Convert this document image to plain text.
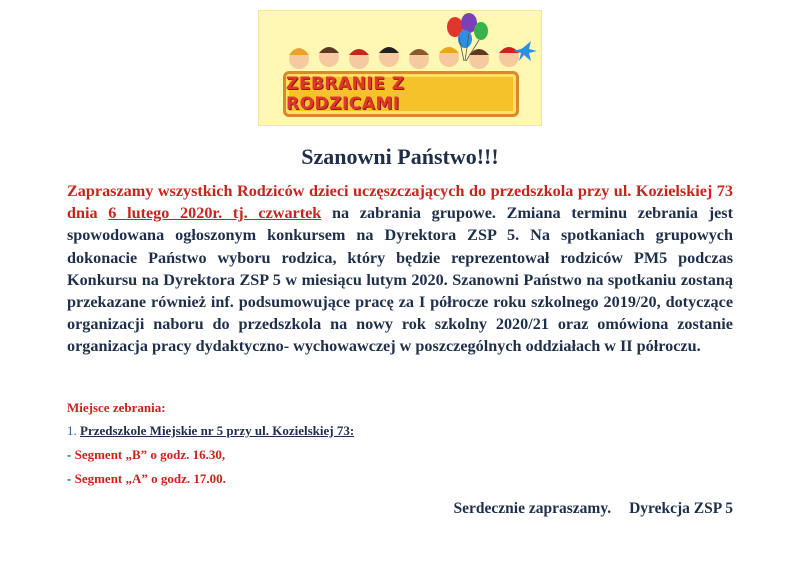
ZEBRANIE Z RODZICAMI
Szanowni Państwo!!!

Zapraszamy wszystkich Rodziców dzieci uczęszczających do przedszkola przy ul. Kozielskiej 73 dnia 6 lutego 2020r. tj. czwartek na zabrania grupowe. Zmiana terminu zebrania jest spowodowana ogłoszonym konkursem na Dyrektora ZSP 5. Na spotkaniach grupowych dokonacie Państwo wyboru rodzica, który będzie reprezentował rodziców PM5 podczas Konkursu na Dyrektora ZSP 5 w miesiącu lutym 2020. Szanowni Państwo na spotkaniu zostaną przekazane również inf. podsumowujące pracę za I półrocze roku szkolnego 2019/20, dotyczące organizacji naboru do przedszkola na nowy rok szkolny 2020/21 oraz omówiona zostanie organizacja pracy dydaktyczno- wychowawczej w poszczególnych oddziałach w II półroczu.

Miejsce zebrania:
1. Przedszkole Miejskie nr 5 przy ul. Kozielskiej 73:
- Segment „B” o godz. 16.30,
- Segment „A” o godz. 17.00.
Serdecznie zapraszamy. Dyrekcja ZSP 5
